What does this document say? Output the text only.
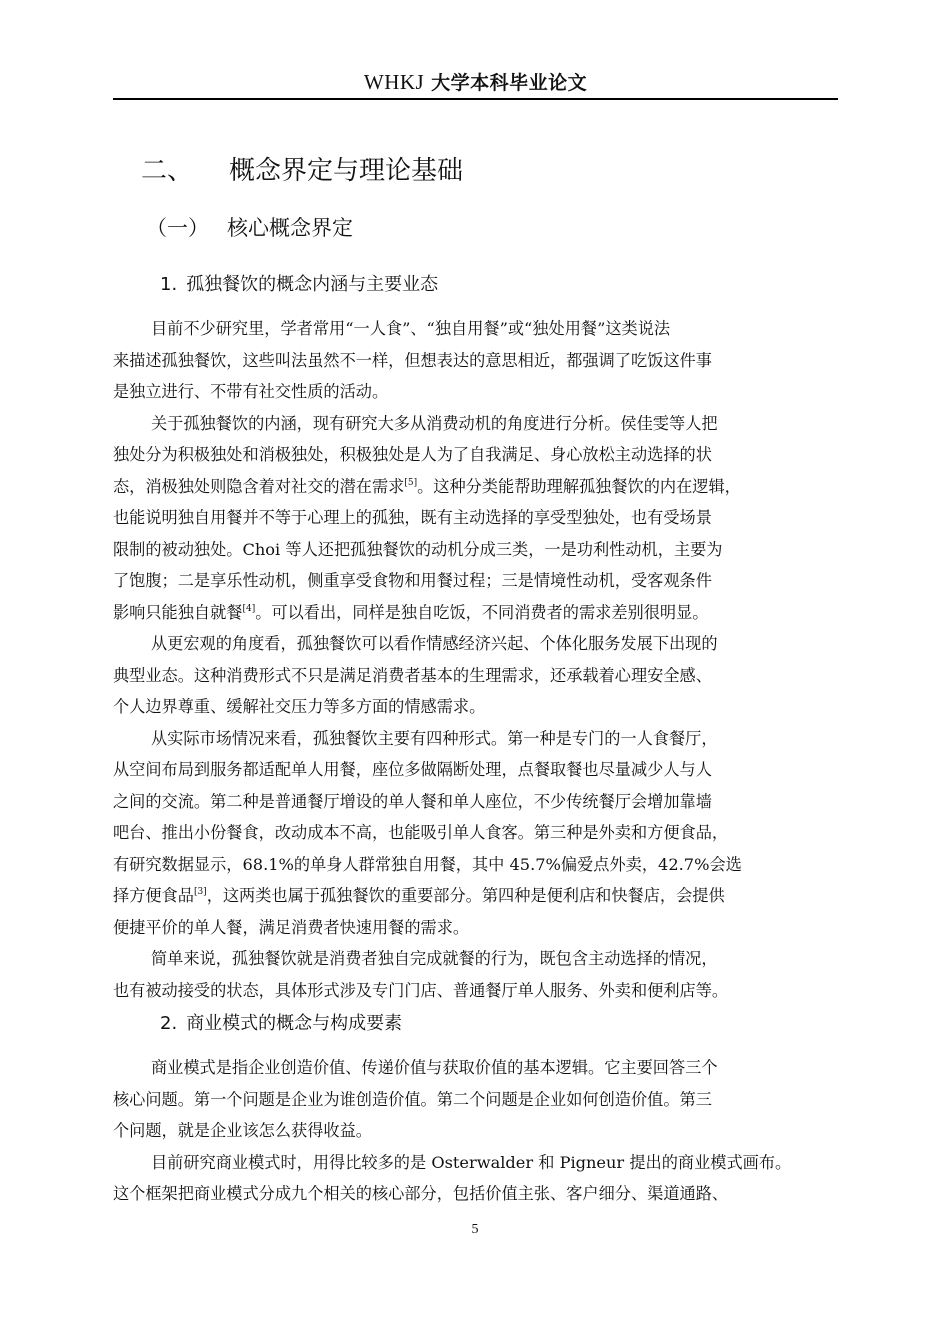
WHKJ 大学本科毕业论文
二、 概念界定与理论基础
（一） 核心概念界定
1. 孤独餐饮的概念内涵与主要业态
目前不少研究里，学者常用“一人食”、“独自用餐”或“独处用餐”这类说法
来描述孤独餐饮，这些叫法虽然不一样，但想表达的意思相近，都强调了吃饭这件事
是独立进行、不带有社交性质的活动。
关于孤独餐饮的内涵，现有研究大多从消费动机的角度进行分析。侯佳雯等人把
独处分为积极独处和消极独处，积极独处是人为了自我满足、身心放松主动选择的状
态，消极独处则隐含着对社交的潜在需求[5]。这种分类能帮助理解孤独餐饮的内在逻辑，
也能说明独自用餐并不等于心理上的孤独，既有主动选择的享受型独处，也有受场景
限制的被动独处。Choi 等人还把孤独餐饮的动机分成三类，一是功利性动机，主要为
了饱腹；二是享乐性动机，侧重享受食物和用餐过程；三是情境性动机，受客观条件
影响只能独自就餐[4]。可以看出，同样是独自吃饭，不同消费者的需求差别很明显。
从更宏观的角度看，孤独餐饮可以看作情感经济兴起、个体化服务发展下出现的
典型业态。这种消费形式不只是满足消费者基本的生理需求，还承载着心理安全感、
个人边界尊重、缓解社交压力等多方面的情感需求。
从实际市场情况来看，孤独餐饮主要有四种形式。第一种是专门的一人食餐厅，
从空间布局到服务都适配单人用餐，座位多做隔断处理，点餐取餐也尽量减少人与人
之间的交流。第二种是普通餐厅增设的单人餐和单人座位，不少传统餐厅会增加靠墙
吧台、推出小份餐食，改动成本不高，也能吸引单人食客。第三种是外卖和方便食品，
有研究数据显示，68.1%的单身人群常独自用餐，其中 45.7%偏爱点外卖，42.7%会选
择方便食品[3]，这两类也属于孤独餐饮的重要部分。第四种是便利店和快餐店，会提供
便捷平价的单人餐，满足消费者快速用餐的需求。
简单来说，孤独餐饮就是消费者独自完成就餐的行为，既包含主动选择的情况，
也有被动接受的状态，具体形式涉及专门门店、普通餐厅单人服务、外卖和便利店等。
2. 商业模式的概念与构成要素
商业模式是指企业创造价值、传递价值与获取价值的基本逻辑。它主要回答三个
核心问题。第一个问题是企业为谁创造价值。第二个问题是企业如何创造价值。第三
个问题，就是企业该怎么获得收益。
目前研究商业模式时，用得比较多的是 Osterwalder 和 Pigneur 提出的商业模式画布。
这个框架把商业模式分成九个相关的核心部分，包括价值主张、客户细分、渠道通路、
5
